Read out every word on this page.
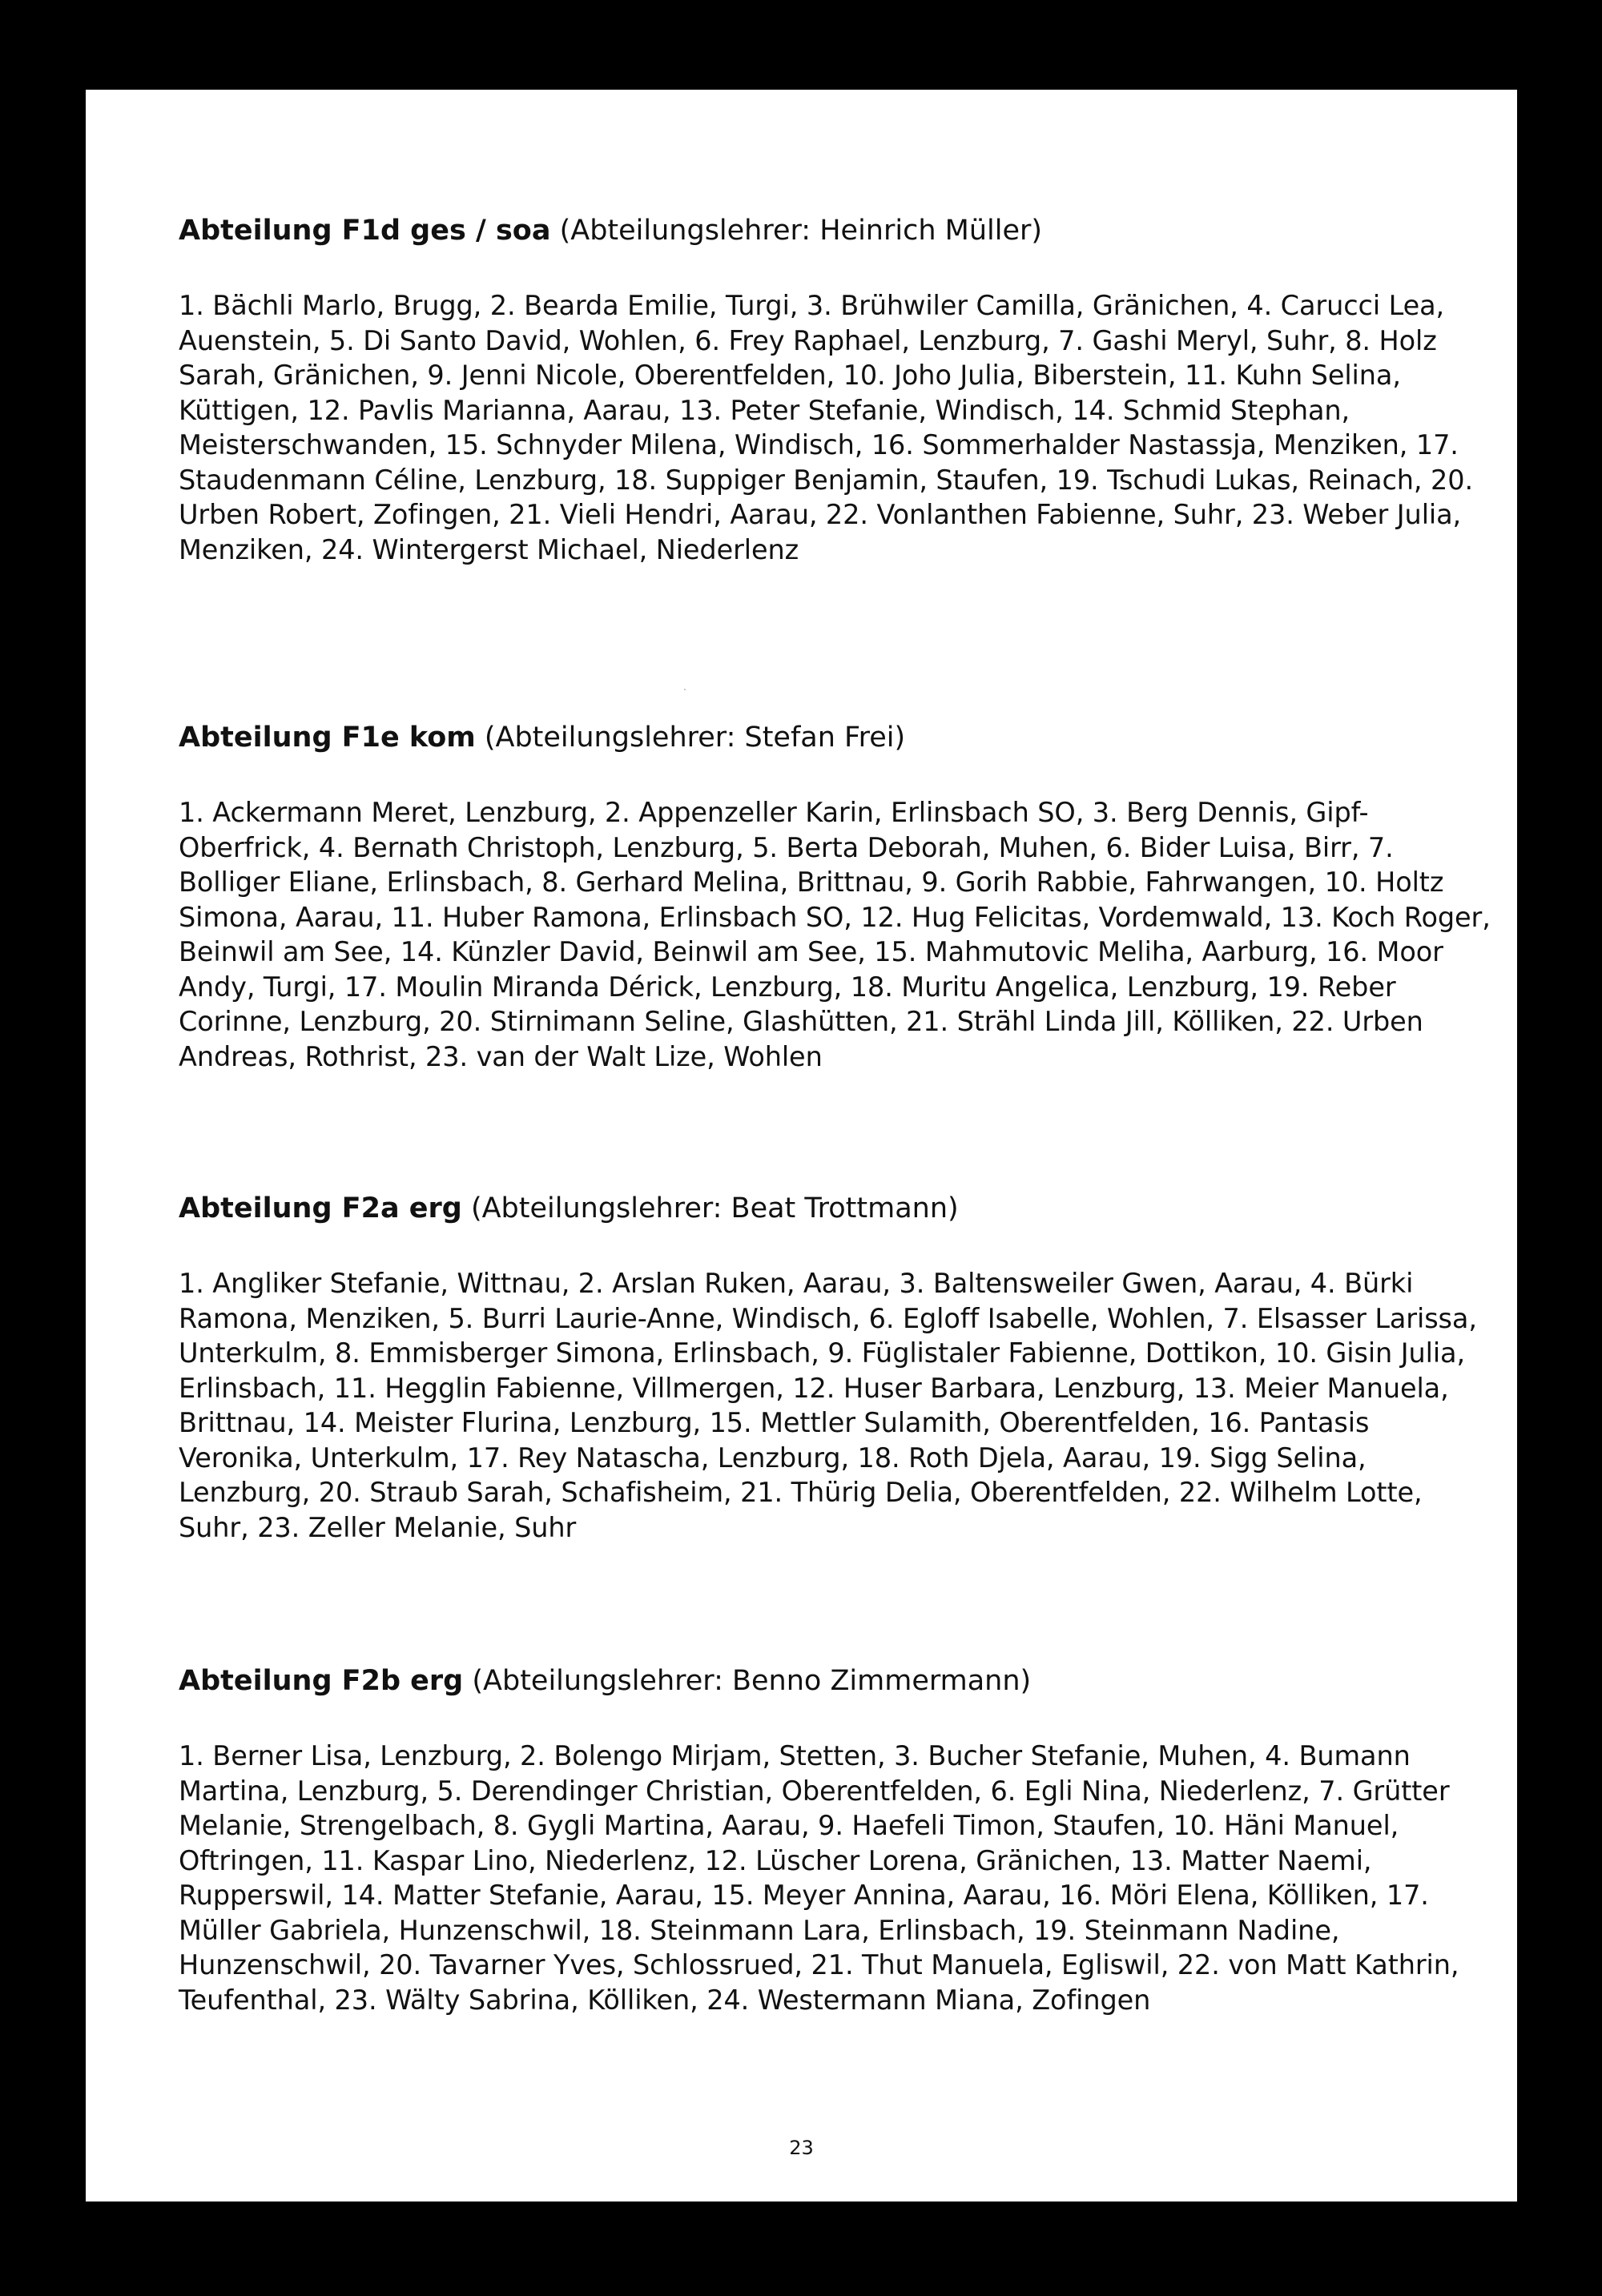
Abteilung F1d ges / soa (Abteilungslehrer: Heinrich Müller)

1. Bächli Marlo, Brugg, 2. Bearda Emilie, Turgi, 3. Brühwiler Camilla, Gränichen, 4. Carucci Lea, Auenstein, 5. Di Santo David, Wohlen, 6. Frey Raphael, Lenzburg, 7. Gashi Meryl, Suhr, 8. Holz Sarah, Gränichen, 9. Jenni Nicole, Oberentfelden, 10. Joho Julia, Biberstein, 11. Kuhn Selina, Küttigen, 12. Pavlis Marianna, Aarau, 13. Peter Stefanie, Windisch, 14. Schmid Stephan, Meisterschwanden, 15. Schnyder Milena, Windisch, 16. Sommerhalder Nastassja, Menziken, 17. Staudenmann Céline, Lenzburg, 18. Suppiger Benjamin, Staufen, 19. Tschudi Lukas, Reinach, 20. Urben Robert, Zofingen, 21. Vieli Hendri, Aarau, 22. Vonlanthen Fabienne, Suhr, 23. Weber Julia, Menziken, 24. Wintergerst Michael, Niederlenz

Abteilung F1e kom (Abteilungslehrer: Stefan Frei)

1. Ackermann Meret, Lenzburg, 2. Appenzeller Karin, Erlinsbach SO, 3. Berg Dennis, Gipf-Oberfrick, 4. Bernath Christoph, Lenzburg, 5. Berta Deborah, Muhen, 6. Bider Luisa, Birr, 7. Bolliger Eliane, Erlinsbach, 8. Gerhard Melina, Brittnau, 9. Gorih Rabbie, Fahrwangen, 10. Holtz Simona, Aarau, 11. Huber Ramona, Erlinsbach SO, 12. Hug Felicitas, Vordemwald, 13. Koch Roger, Beinwil am See, 14. Künzler David, Beinwil am See, 15. Mahmutovic Meliha, Aarburg, 16. Moor Andy, Turgi, 17. Moulin Miranda Dérick, Lenzburg, 18. Muritu Angelica, Lenzburg, 19. Reber Corinne, Lenzburg, 20. Stirnimann Seline, Glashütten, 21. Strähl Linda Jill, Kölliken, 22. Urben Andreas, Rothrist, 23. van der Walt Lize, Wohlen

Abteilung F2a erg (Abteilungslehrer: Beat Trottmann)

1. Angliker Stefanie, Wittnau, 2. Arslan Ruken, Aarau, 3. Baltensweiler Gwen, Aarau, 4. Bürki Ramona, Menziken, 5. Burri Laurie-Anne, Windisch, 6. Egloff Isabelle, Wohlen, 7. Elsasser Larissa, Unterkulm, 8. Emmisberger Simona, Erlinsbach, 9. Füglistaler Fabienne, Dottikon, 10. Gisin Julia, Erlinsbach, 11. Hegglin Fabienne, Villmergen, 12. Huser Barbara, Lenzburg, 13. Meier Manuela, Brittnau, 14. Meister Flurina, Lenzburg, 15. Mettler Sulamith, Oberentfelden, 16. Pantasis Veronika, Unterkulm, 17. Rey Natascha, Lenzburg, 18. Roth Djela, Aarau, 19. Sigg Selina, Lenzburg, 20. Straub Sarah, Schafisheim, 21. Thürig Delia, Oberentfelden, 22. Wilhelm Lotte, Suhr, 23. Zeller Melanie, Suhr

Abteilung F2b erg (Abteilungslehrer: Benno Zimmermann)

1. Berner Lisa, Lenzburg, 2. Bolengo Mirjam, Stetten, 3. Bucher Stefanie, Muhen, 4. Bumann Martina, Lenzburg, 5. Derendinger Christian, Oberentfelden, 6. Egli Nina, Niederlenz, 7. Grütter Melanie, Strengelbach, 8. Gygli Martina, Aarau, 9. Haefeli Timon, Staufen, 10. Häni Manuel, Oftringen, 11. Kaspar Lino, Niederlenz, 12. Lüscher Lorena, Gränichen, 13. Matter Naemi, Rupperswil, 14. Matter Stefanie, Aarau, 15. Meyer Annina, Aarau, 16. Möri Elena, Kölliken, 17. Müller Gabriela, Hunzenschwil, 18. Steinmann Lara, Erlinsbach, 19. Steinmann Nadine, Hunzenschwil, 20. Tavarner Yves, Schlossrued, 21. Thut Manuela, Egliswil, 22. von Matt Kathrin, Teufenthal, 23. Wälty Sabrina, Kölliken, 24. Westermann Miana, Zofingen

23
